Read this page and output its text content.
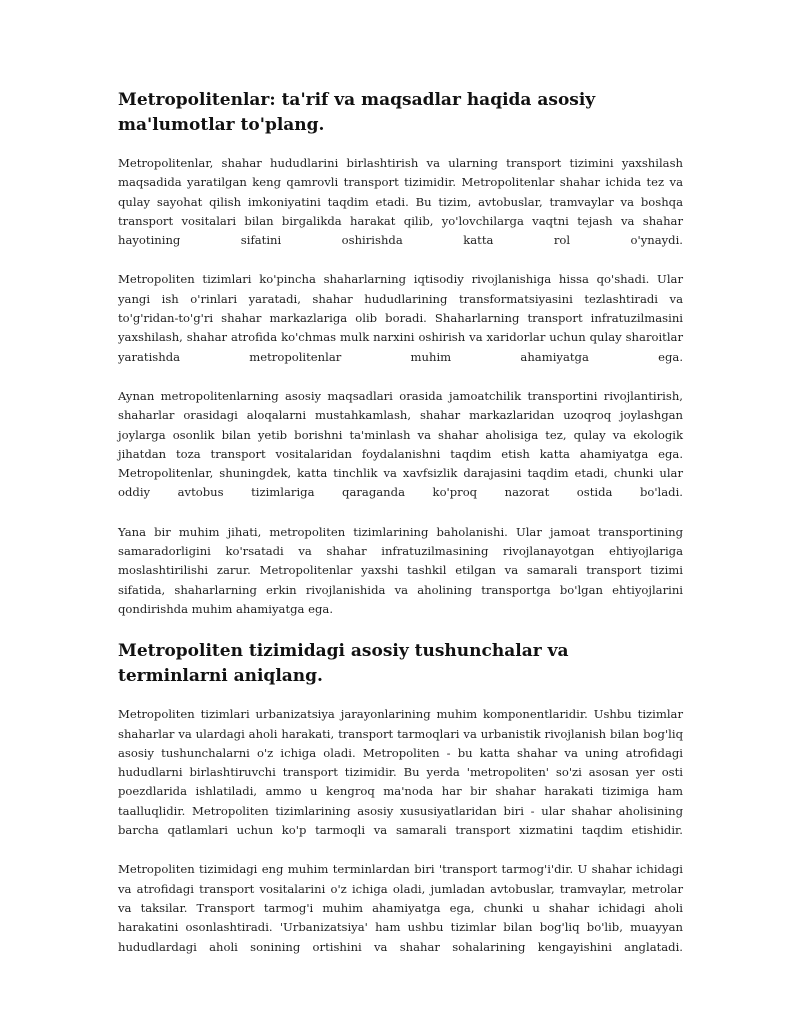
Metropolitenlar: ta'rif va maqsadlar haqida asosiy ma'lumotlar to'plang.

Metropolitenlar, shahar hududlarini birlashtirish va ularning transport tizimini yaxshilash maqsadida yaratilgan keng qamrovli transport tizimidir. Metropolitenlar shahar ichida tez va qulay sayohat qilish imkoniyatini taqdim etadi. Bu tizim, avtobuslar, tramvaylar va boshqa transport vositalari bilan birgalikda harakat qilib, yo'lovchilarga vaqtni tejash va shahar hayotining sifatini oshirishda katta rol o'ynaydi.

Metropoliten tizimlari ko'pincha shaharlarning iqtisodiy rivojlanishiga hissa qo'shadi. Ular yangi ish o'rinlari yaratadi, shahar hududlarining transformatsiyasini tezlashtiradi va to'g'ridan-to'g'ri shahar markazlariga olib boradi. Shaharlarning transport infratuzilmasini yaxshilash, shahar atrofida ko'chmas mulk narxini oshirish va xaridorlar uchun qulay sharoitlar yaratishda metropolitenlar muhim ahamiyatga ega.

Aynan metropolitenlarning asosiy maqsadlari orasida jamoatchilik transportini rivojlantirish, shaharlar orasidagi aloqalarni mustahkamlash, shahar markazlaridan uzoqroq joylashgan joylarga osonlik bilan yetib borishni ta'minlash va shahar aholisiga tez, qulay va ekologik jihatdan toza transport vositalaridan foydalanishni taqdim etish katta ahamiyatga ega. Metropolitenlar, shuningdek, katta tinchlik va xavfsizlik darajasini taqdim etadi, chunki ular oddiy avtobus tizimlariga qaraganda ko'proq nazorat ostida bo'ladi.

Yana bir muhim jihati, metropoliten tizimlarining baholanishi. Ular jamoat transportining samaradorligini ko'rsatadi va shahar infratuzilmasining rivojlanayotgan ehtiyojlariga moslashtirilishi zarur. Metropolitenlar yaxshi tashkil etilgan va samarali transport tizimi sifatida, shaharlarning erkin rivojlanishida va aholining transportga bo'lgan ehtiyojlarini qondirishda muhim ahamiyatga ega.

Metropoliten tizimidagi asosiy tushunchalar va terminlarni aniqlang.

Metropoliten tizimlari urbanizatsiya jarayonlarining muhim komponentlaridir. Ushbu tizimlar shaharlar va ulardagi aholi harakati, transport tarmoqlari va urbanistik rivojlanish bilan bog'liq asosiy tushunchalarni o'z ichiga oladi. Metropoliten - bu katta shahar va uning atrofidagi hududlarni birlashtiruvchi transport tizimidir. Bu yerda 'metropoliten' so'zi asosan yer osti poezdlarida ishlatiladi, ammo u kengroq ma'noda har bir shahar harakati tizimiga ham taalluqlidir. Metropoliten tizimlarining asosiy xususiyatlaridan biri - ular shahar aholisining barcha qatlamlari uchun ko'p tarmoqli va samarali transport xizmatini taqdim etishidir.

Metropoliten tizimidagi eng muhim terminlardan biri 'transport tarmog'i'dir. U shahar ichidagi va atrofidagi transport vositalarini o'z ichiga oladi, jumladan avtobuslar, tramvaylar, metrolar va taksilar. Transport tarmog'i muhim ahamiyatga ega, chunki u shahar ichidagi aholi harakatini osonlashtiradi. 'Urbanizatsiya' ham ushbu tizimlar bilan bog'liq bo'lib, muayyan hududlardagi aholi sonining ortishini va shahar sohalarining kengayishini anglatadi.
